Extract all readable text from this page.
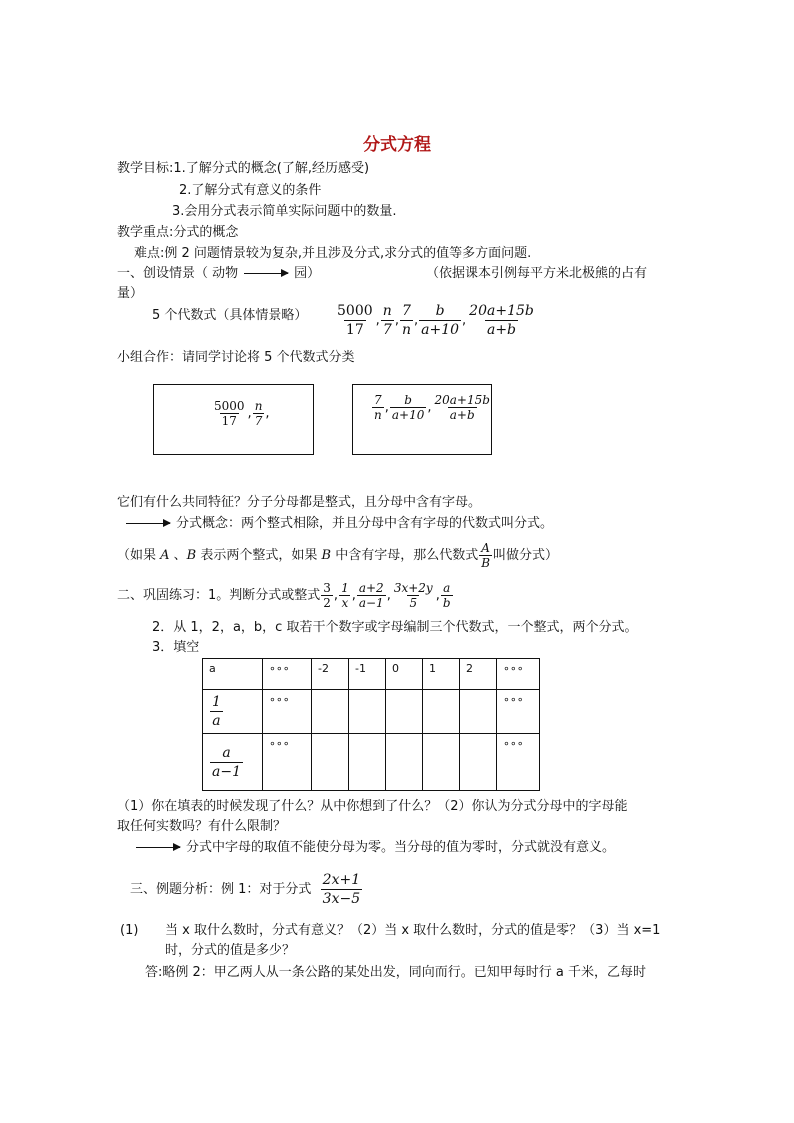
分式方程
教学目标:1.了解分式的概念(了解,经历感受)
2.了解分式有意义的条件
3.会用分式表示简单实际问题中的数量.
教学重点:分式的概念
难点:例 2 问题情景较为复杂,并且涉及分式,求分式的值等多方面问题.
一、创设情景（ 动物	园）	（依据课本引例每平方米北极熊的占有
量）
5 个代数式（具体情景略） $\frac{5000}{17}$ , $\frac{n}{7}$ , $\frac{7}{n}$ , $\frac{b}{a+10}$ , $\frac{20a+15b}{a+b}$
小组合作：请同学讨论将 5 个代数式分类
$\frac{5000}{17}$ , $\frac{n}{7}$ ,	$\frac{7}{n}$ , $\frac{b}{a+10}$ , $\frac{20a+15b}{a+b}$
它们有什么共同特征？分子分母都是整式，且分母中含有字母。
分式概念：两个整式相除，并且分母中含有字母的代数式叫分式。
（如果 A 、B 表示两个整式，如果 B 中含有字母，那么代数式 $\frac{A}{B}$ 叫做分式）
二、巩固练习：1。判断分式或整式 $\frac{3}{2}$ , $\frac{1}{x}$ , $\frac{a+2}{a-1}$ , $\frac{3x+2y}{5}$ , $\frac{a}{b}$
2．从 1，2，a，b，c 取若干个数字或字母编制三个代数式，一个整式，两个分式。
3．填空
a	∘∘∘	-2	-1	0	1	2	∘∘∘

$\frac{1}{a}$	∘∘∘						∘∘∘

$\frac{a}{a-1}$	∘∘∘						∘∘∘
（1）你在填表的时候发现了什么？从中你想到了什么？（2）你认为分式分母中的字母能
取任何实数吗？有什么限制？
分式中字母的取值不能使分母为零。当分母的值为零时，分式就没有意义。
三、例题分析：例 1：对于分式 $\frac{2x+1}{3x-5}$
(1) 当 x 取什么数时，分式有意义？（2）当 x 取什么数时，分式的值是零？（3）当 x=1
时，分式的值是多少？
答:略例 2：甲乙两人从一条公路的某处出发，同向而行。已知甲每时行 a 千米，乙每时
